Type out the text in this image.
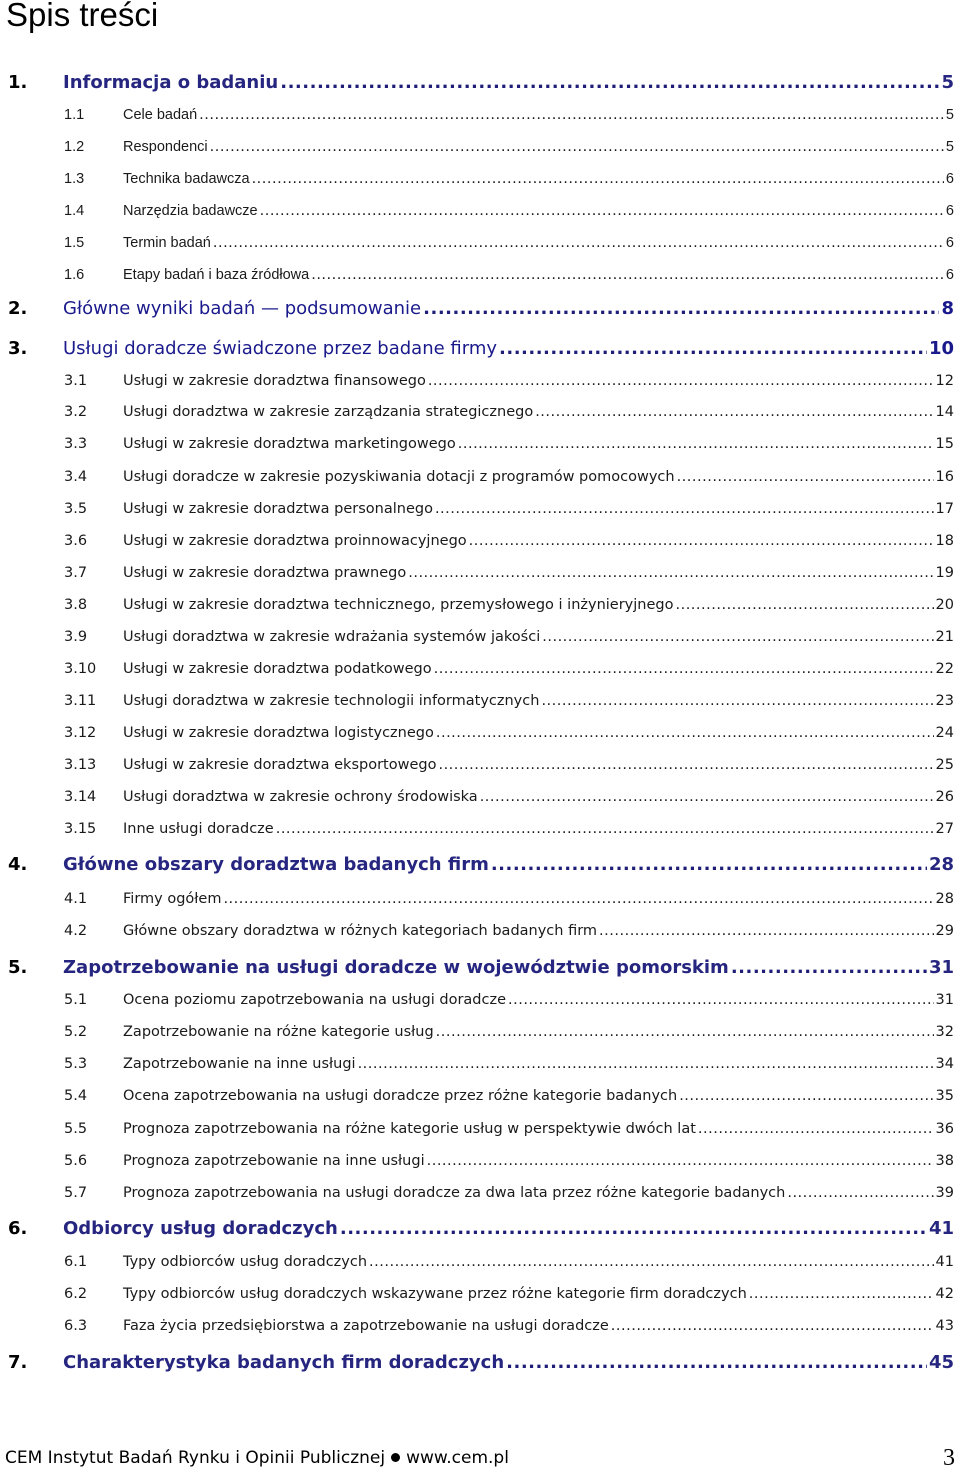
Spis treści
1. Informacja o badaniu .....	5
1.1	Cele badań .....	5
1.2	Respondenci .....	5
1.3	Technika badawcza .....	6
1.4	Narzędzia badawcze .....	6
1.5	Termin badań .....	6
1.6	Etapy badań i baza źródłowa .....	6
2. Główne wyniki badań — podsumowanie .....	8
3. Usługi doradcze świadczone przez badane firmy .....	10
3.1 Usługi w zakresie doradztwa finansowego .....	12
3.2 Usługi doradztwa w zakresie zarządzania strategicznego .....	14
3.3 Usługi w zakresie doradztwa marketingowego .....	15
3.4 Usługi doradcze w zakresie pozyskiwania dotacji z programów pomocowych .....	16
3.5 Usługi w zakresie doradztwa personalnego .....	17
3.6 Usługi w zakresie doradztwa proinnowacyjnego .....	18
3.7 Usługi w zakresie doradztwa prawnego .....	19
3.8 Usługi w zakresie doradztwa technicznego, przemysłowego i inżynieryjnego .....	20
3.9 Usługi doradztwa w zakresie wdrażania systemów jakości .....	21
3.10 Usługi w zakresie doradztwa podatkowego .....	22
3.11 Usługi doradztwa w zakresie technologii informatycznych .....	23
3.12 Usługi w zakresie doradztwa logistycznego .....	24
3.13 Usługi w zakresie doradztwa eksportowego .....	25
3.14 Usługi doradztwa w zakresie ochrony środowiska .....	26
3.15 Inne usługi doradcze .....	27
4. Główne obszary doradztwa badanych firm .....	28
4.1 Firmy ogółem .....	28
4.2 Główne obszary doradztwa w różnych kategoriach badanych firm .....	29
5. Zapotrzebowanie na usługi doradcze w województwie pomorskim .....	31
5.1 Ocena poziomu zapotrzebowania na usługi doradcze .....	31
5.2 Zapotrzebowanie na różne kategorie usług .....	32
5.3 Zapotrzebowanie na inne usługi .....	34
5.4 Ocena zapotrzebowania na usługi doradcze przez różne kategorie badanych .....	35
5.5 Prognoza zapotrzebowania na różne kategorie usług w perspektywie dwóch lat .....	36
5.6 Prognoza zapotrzebowanie na inne usługi .....	38
5.7 Prognoza zapotrzebowania na usługi doradcze za dwa lata przez różne kategorie badanych .....	39
6. Odbiorcy usług doradczych .....	41
6.1 Typy odbiorców usług doradczych .....	41
6.2 Typy odbiorców usług doradczych wskazywane przez różne kategorie firm doradczych .....	42
6.3 Faza życia przedsiębiorstwa a zapotrzebowanie na usługi doradcze .....	43
7. Charakterystyka badanych firm doradczych .....	45
CEM Instytut Badań Rynku i Opinii Publicznej www.cem.pl	3
